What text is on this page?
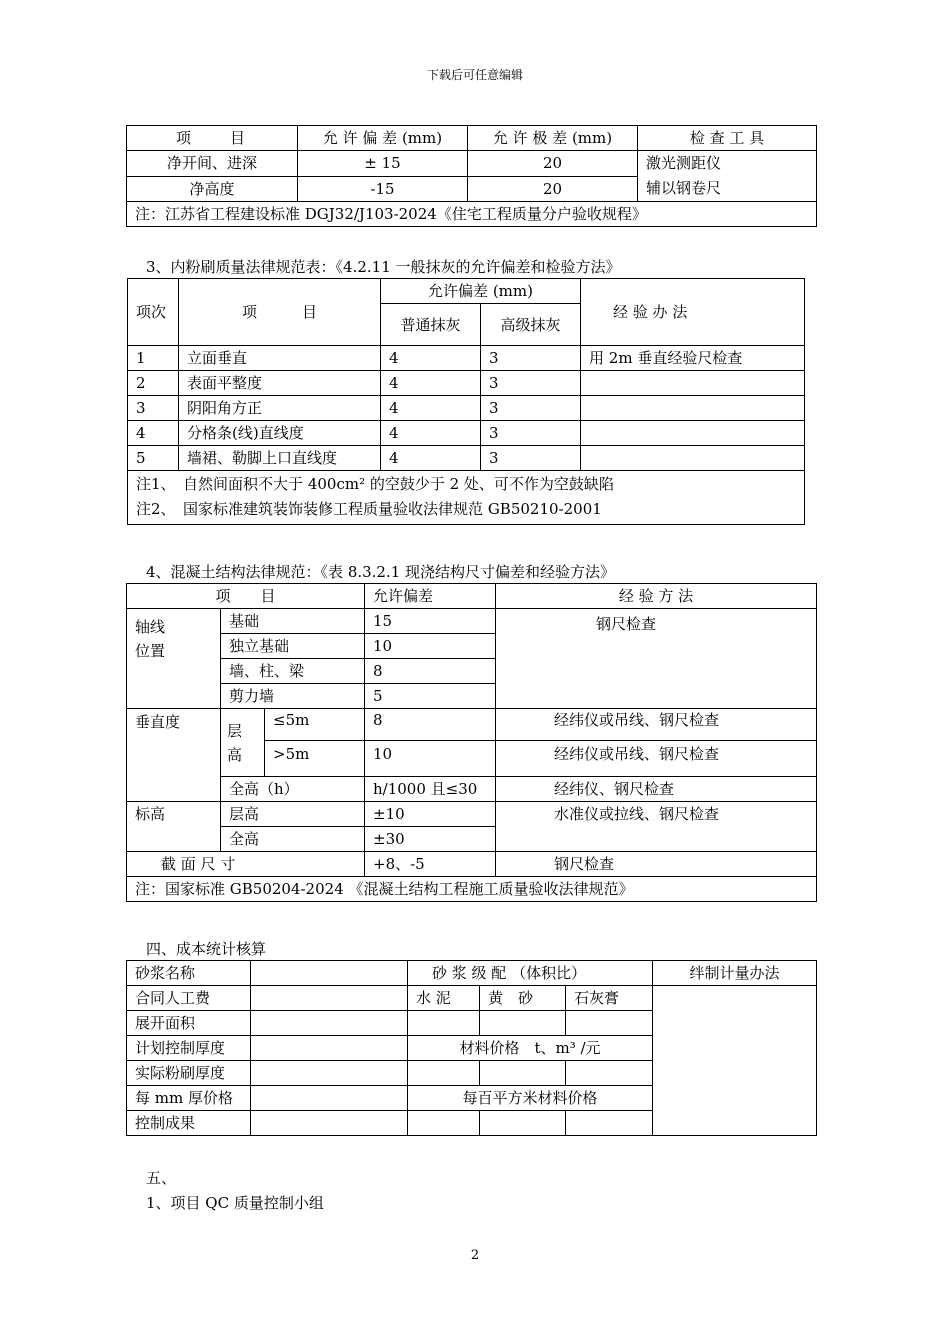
下载后可任意编辑
项　　目	允 许 偏 差 (mm)	允 许 极 差 (mm)	检 查 工 具
净开间、进深	± 15	20	激光测距仪
辅以钢卷尺

净高度	-15	20	
注：江苏省工程建设标准 DGJ32/J103-2024《住宅工程质量分户验收规程》			
3、内粉刷质量法律规范表：《4.2.11 一般抹灰的允许偏差和检验方法》
项次	项　　　目	允许偏差 (mm)		经 验 办 法
		普通抹灰	高级抹灰	
1	立面垂直	4	3	用 2m 垂直经验尺检查
2	表面平整度	4	3	
3	阴阳角方正	4	3	
4	分格条(线)直线度	4	3	
5	墙裙、勒脚上口直线度	4	3	

注1、　自然间面积不大于 400cm² 的空鼓少于 2 处、可不作为空鼓缺陷
注2、　国家标准建筑装饰装修工程质量验收法律规范 GB50210-2001				
4、混凝土结构法律规范：《表 8.3.2.1 现浇结构尺寸偏差和经验方法》
项　　目			允许偏差	经 验 方 法

轴线位置	基础		15	钢尺检查
	独立基础		10	
	墙、柱、梁		8	
	剪力墙		5	
垂直度	层高	≤5m	8	经纬仪或吊线、钢尺检查
		>5m	10	经纬仪或吊线、钢尺检查
	全高（h）		h/1000 且≤30	经纬仪、钢尺检查
标高	层高		±10	水准仪或拉线、钢尺检查
	全高		±30	
截 面 尺 寸			+8、-5	钢尺检查
注：国家标准 GB50204-2024 《混凝土结构工程施工质量验收法律规范》				
四、成本统计核算
砂浆名称		砂 浆 级 配 （体积比）			绊制计量办法
合同人工费		水 泥	黄　砂	石灰膏	
展开面积					
计划控制厚度		材料价格　t、m³ /元			
实际粉刷厚度					
每 mm 厚价格		每百平方米材料价格			
控制成果					
五、
1、项目 QC 质量控制小组
2
